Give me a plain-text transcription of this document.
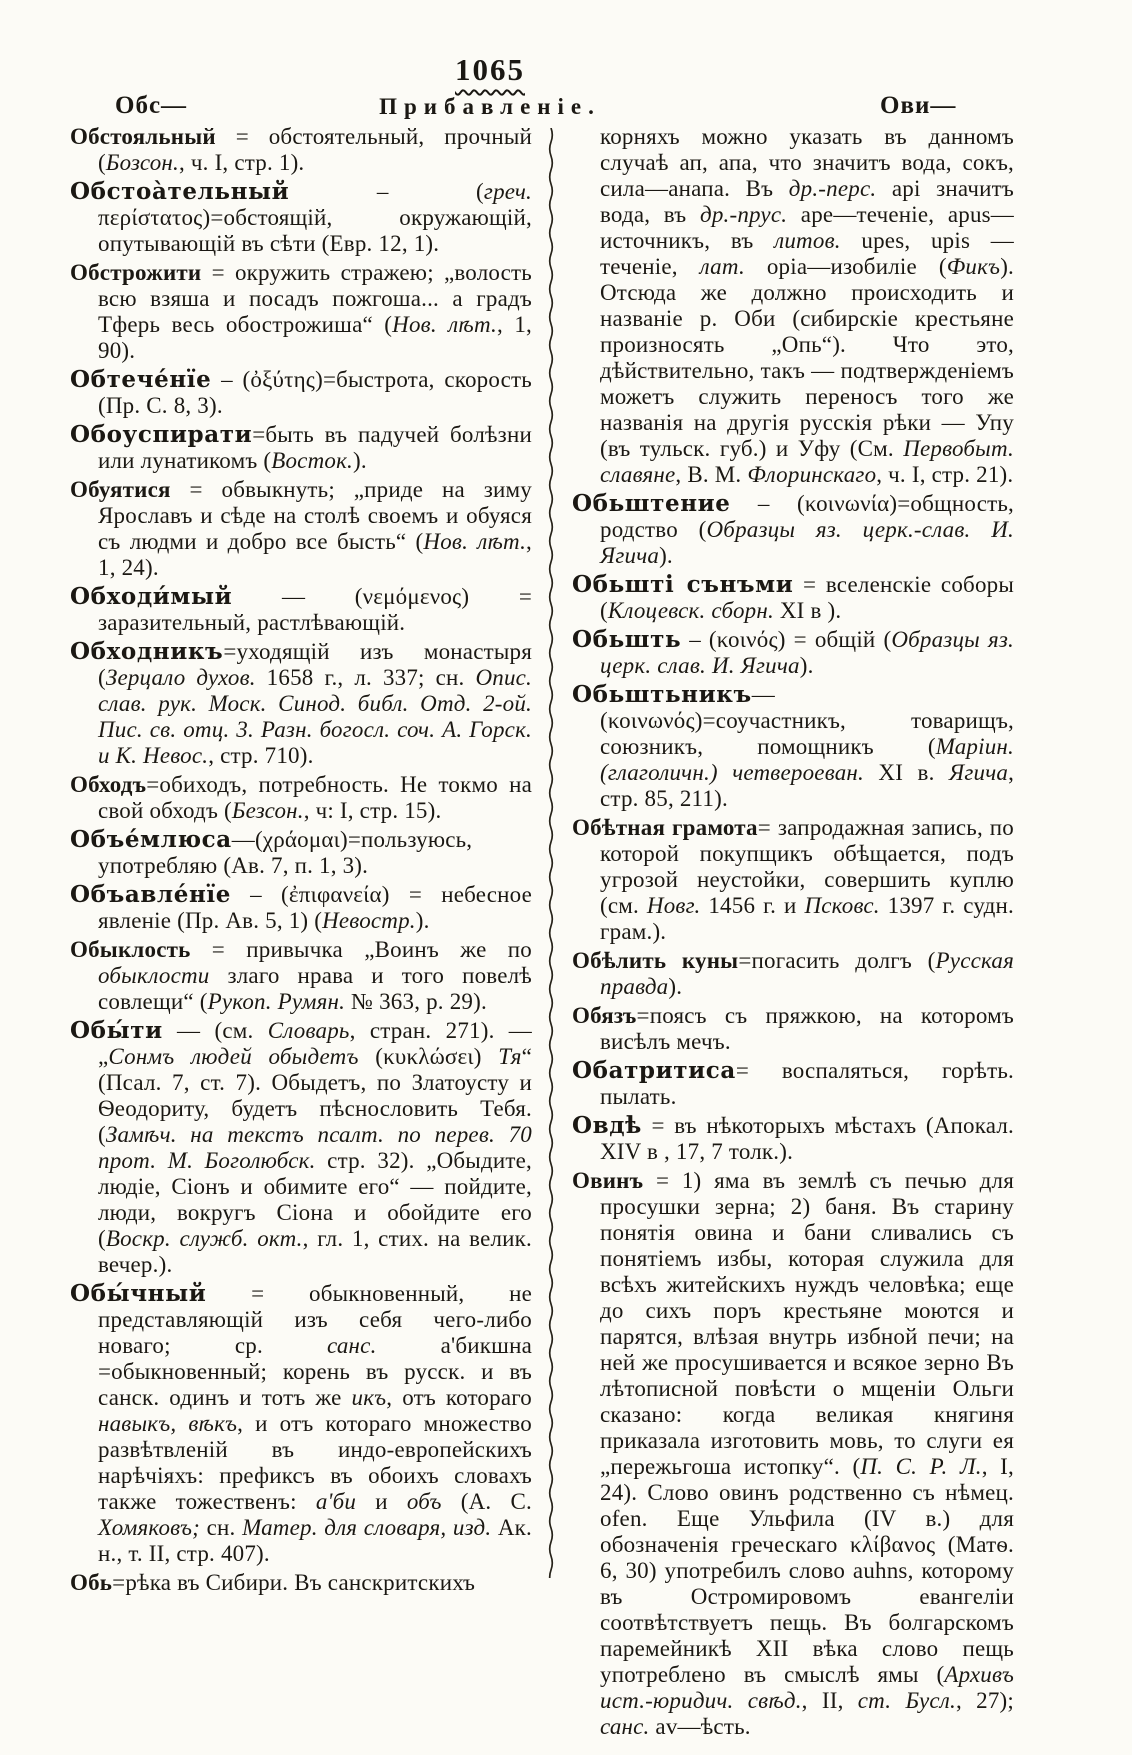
1065
Обс—	Прибавленіе.	Ови—

Обстояльный = обстоятельный, прочный (Бозсон., ч. I, стр. 1).

Обстоа̀тельный – (греч. περίστατος)=обстоящій, окружающій, опутывающій въ сѣти (Евр. 12, 1).

Обстрожити = окружить стражею; „волость всю взяша и посадъ пожгоша... а градъ Тферь весь обострожиша“ (Нов. лѣт., 1, 90).

Обтече́нїе – (ὀξύτης)=быстрота, скорость (Пр. С. 8, 3).

Обоуспирати=быть въ падучей болѣзни или лунатикомъ (Восток.).

Обуятися = обвыкнуть; „приде на зиму Ярославъ и сѣде на столѣ своемъ и обуяся съ людми и добро все бысть“ (Нов. лѣт., 1, 24).

Обходи́мый — (νεμόμενος) = заразительный, растлѣвающій.

Обходникъ=уходящій изъ монастыря (Зерцало духов. 1658 г., л. 337; сн. Опис. слав. рук. Моск. Синод. библ. Отд. 2-ой. Пис. св. отц. 3. Разн. богосл. соч. А. Горск. и К. Невос., стр. 710).

Обходъ=обиходъ, потребность. Не токмо на свой обходъ (Безсон., ч: I, стр. 15).

Объе́млюса—(χράομαι)=пользуюсь, употребляю (Ав. 7, п. 1, 3).

Объавле́нїе – (ἐπιφανεία) = небесное явленіе (Пр. Ав. 5, 1) (Невостр.).

Обыклость = привычка „Воинъ же по обыклости злаго нрава и того повелѣ совлещи“ (Рукоп. Румян. № 363, р. 29).

Обы́ти — (см. Словарь, стран. 271). — „Сонмъ людей обыдетъ (κυκλώσει) Тя“ (Псал. 7, ст. 7). Обыдетъ, по Златоусту и Ѳеодориту, будетъ пѣснословить Тебя. (Замѣч. на текстъ псалт. по перев. 70 прот. М. Боголюбск. стр. 32). „Обыдите, людіе, Сіонъ и обимите его“ — пойдите, люди, вокругъ Сіона и обойдите его (Воскр. служб. окт., гл. 1, стих. на велик. вечер.).

Обы́чный = обыкновенный, не представляющій изъ себя чего-либо новаго; ср. санс. а'бикшна =обыкновенный; корень въ русск. и въ санск. одинъ и тотъ же икъ, отъ котораго навыкъ, вѣкъ, и отъ котораго множество развѣтвленій въ индо-европейскихъ нарѣчіяхъ: префиксъ въ обоихъ словахъ также тожественъ: а'би и объ (А. С. Хомяковъ; сн. Матер. для словаря, изд. Ак. н., т. II, стр. 407).

Обь=рѣка въ Сибири. Въ санскритскихъ

корняхъ можно указать въ данномъ случаѣ ап, апа, что значитъ вода, сокъ, сила—анапа. Въ др.-перс. арі значитъ вода, въ др.-прус. аре—теченіе, apus—источникъ, въ литов. upes, upis — теченіе, лат. оріа—изобиліе (Фикъ). Отсюда же должно происходить и названіе р. Оби (сибирскіе крестьяне произносять „Опь“). Что это, дѣйствительно, такъ — подтвержденіемъ можетъ служить переносъ того же названія на другія русскія рѣки — Упу (въ тульск. губ.) и Уфу (См. Первобыт. славяне, В. М. Флоринскаго, ч. I, стр. 21).

Обьштение – (κοινωνία)=общность, родство (Образцы яз. церк.-слав. И. Ягича).

Обьшті сънъми = вселенскіе соборы (Клоцевск. сборн. XI в ).

Обьшть – (κοινός) = общій (Образцы яз. церк. слав. И. Ягича).

Обьштьникъ—(κοινωνός)=соучастникъ, товарищъ, союзникъ, помощникъ (Маріин. (глаголичн.) четвероеван. XI в. Ягича, стр. 85, 211).

Обѣтная грамота= запродажная запись, по которой покупщикъ обѣщается, подъ угрозой неустойки, совершить куплю (см. Новг. 1456 г. и Псковс. 1397 г. судн. грам.).

Обѣлить куны=погасить долгъ (Русская правда).

Обязъ=поясъ съ пряжкою, на которомъ висѣлъ мечъ.

Обатритиса= воспаляться, горѣть. пылать.

Овдѣ = въ нѣкоторыхъ мѣстахъ (Апокал. XIV в , 17, 7 толк.).

Овинъ = 1) яма въ землѣ съ печью для просушки зерна; 2) баня. Въ старину понятія овина и бани сливались съ понятіемъ избы, которая служила для всѣхъ житейскихъ нуждъ человѣка; еще до сихъ поръ крестьяне моются и парятся, влѣзая внутрь избной печи; на ней же просушивается и всякое зерно Въ лѣтописной повѣсти о мщеніи Ольги сказано: когда великая княгиня приказала изготовить мовь, то слуги ея „пережьгоша истопку“. (П. С. Р. Л., I, 24). Слово овинъ родственно съ нѣмец. ofen. Еще Ульфила (IV в.) для обозначенія греческаго κλίβανος (Матѳ. 6, 30) употребилъ слово auhns, которому въ Остромировомъ евангеліи соотвѣтствуетъ пещь. Въ болгарскомъ паремейникѣ XII вѣка слово пещь употреблено въ смыслѣ ямы (Архивъ ист.-юридич. свѣд., II, ст. Бусл., 27); санс. av—ѣсть.
